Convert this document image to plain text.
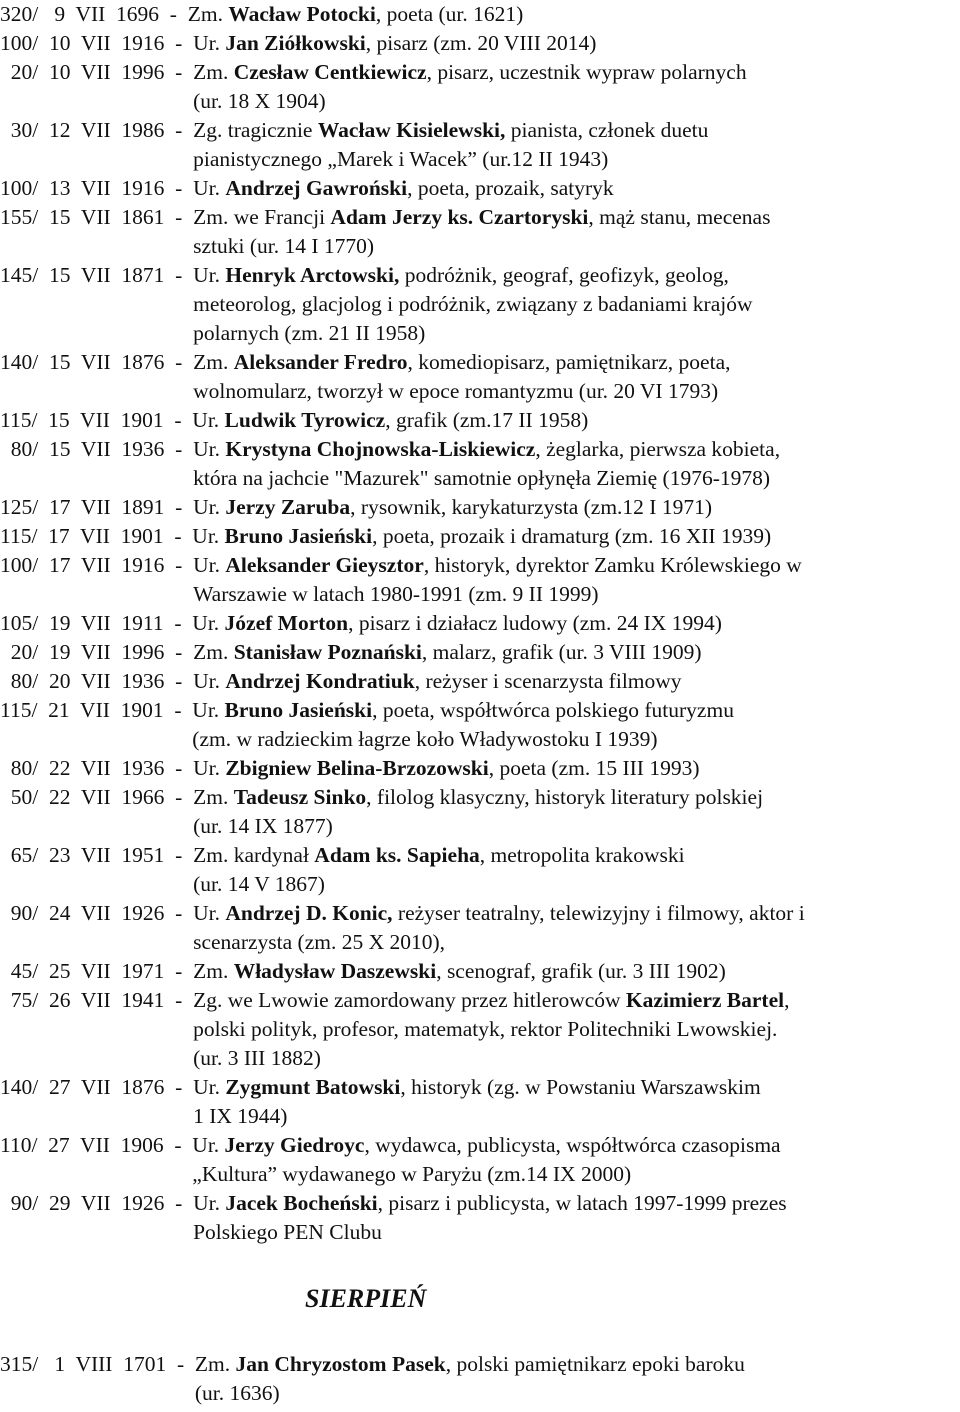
320/   9  VII  1696  - Zm. Wacław Potocki, poeta (ur. 1621)
100/  10  VII  1916  - Ur. Jan Ziółkowski, pisarz (zm. 20 VIII 2014)
20/  10  VII  1996  - Zm. Czesław Centkiewicz, pisarz, uczestnik wypraw polarnych
(ur. 18 X 1904)
30/  12  VII  1986  - Zg. tragicznie Wacław Kisielewski, pianista, członek duetu
pianistycznego „Marek i Wacek” (ur.12 II 1943)
100/  13  VII  1916  - Ur. Andrzej Gawroński, poeta, prozaik, satyryk
155/  15  VII  1861  - Zm. we Francji Adam Jerzy ks. Czartoryski, mąż stanu, mecenas
sztuki (ur. 14 I 1770)
145/  15  VII  1871  - Ur. Henryk Arctowski, podróżnik, geograf, geofizyk, geolog,
meteorolog, glacjolog i podróżnik, związany z badaniami krajów
polarnych (zm. 21 II 1958)
140/  15  VII  1876  - Zm. Aleksander Fredro, komediopisarz, pamiętnikarz, poeta,
wolnomularz, tworzył w epoce romantyzmu (ur. 20 VI 1793)
115/  15  VII  1901  - Ur. Ludwik Tyrowicz, grafik (zm.17 II 1958)
80/  15  VII  1936  - Ur. Krystyna Chojnowska-Liskiewicz, żeglarka, pierwsza kobieta,
która na jachcie "Mazurek" samotnie opłynęła Ziemię (1976-1978)
125/  17  VII  1891  - Ur. Jerzy Zaruba, rysownik, karykaturzysta (zm.12 I 1971)
115/  17  VII  1901  - Ur. Bruno Jasieński, poeta, prozaik i dramaturg (zm. 16 XII 1939)
100/  17  VII  1916  - Ur. Aleksander Gieysztor, historyk, dyrektor Zamku Królewskiego w
Warszawie w latach 1980-1991 (zm. 9 II 1999)
105/  19  VII  1911  - Ur. Józef Morton, pisarz i działacz ludowy (zm. 24 IX 1994)
20/  19  VII  1996  - Zm. Stanisław Poznański, malarz, grafik (ur. 3 VIII 1909)
80/  20  VII  1936  - Ur. Andrzej Kondratiuk, reżyser i scenarzysta filmowy
115/  21  VII  1901  - Ur. Bruno Jasieński, poeta, współtwórca polskiego futuryzmu
(zm. w radzieckim łagrze koło Władywostoku I 1939)
80/  22  VII  1936  - Ur. Zbigniew Belina-Brzozowski, poeta (zm. 15 III 1993)
50/  22  VII  1966  - Zm. Tadeusz Sinko, filolog klasyczny, historyk literatury polskiej
(ur. 14 IX 1877)
65/  23  VII  1951  - Zm. kardynał Adam ks. Sapieha, metropolita krakowski
(ur. 14 V 1867)
90/  24  VII  1926  - Ur. Andrzej D. Konic, reżyser teatralny, telewizyjny i filmowy, aktor i
scenarzysta (zm. 25 X 2010),
45/  25  VII  1971  - Zm. Władysław Daszewski, scenograf, grafik (ur. 3 III 1902)
75/  26  VII  1941  - Zg. we Lwowie zamordowany przez hitlerowców Kazimierz Bartel,
polski polityk, profesor, matematyk, rektor Politechniki Lwowskiej.
(ur. 3 III 1882)
140/  27  VII  1876  - Ur. Zygmunt Batowski, historyk (zg. w Powstaniu Warszawskim
1 IX 1944)
110/  27  VII  1906  - Ur. Jerzy Giedroyc, wydawca, publicysta, współtwórca czasopisma
„Kultura” wydawanego w Paryżu (zm.14 IX 2000)
90/  29  VII  1926  - Ur. Jacek Bocheński, pisarz i publicysta, w latach 1997-1999 prezes
Polskiego PEN Clubu
SIERPIEŃ
315/   1  VIII  1701  - Zm. Jan Chryzostom Pasek, polski pamiętnikarz epoki baroku
(ur. 1636)
